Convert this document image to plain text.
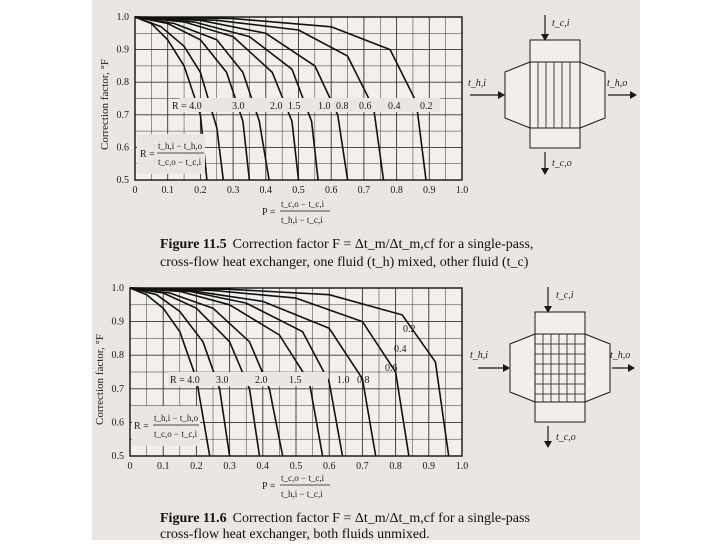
1.0
0.9
0.8
0.7
0.6
0.5
0 0.1 0.2 0.3 0.4 0.5 0.6 0.7 0.8 0.9 1.0
Correction factor, °F	R = 4.0	3.0	2.0 1.5 1.0 0.8 0.6 0.4 0.2
R =
t_h,i − t_h,o
t_c,o − t_c,i
P =
t_c,o − t_c,i
t_h,i − t_c,i
t_c,i
t_c,o
t_h,i	t_h,o
1.0
0.9
0.8
0.7
0.6
0.5
0 0.1 0.2 0.3 0.4 0.5 0.6 0.7 0.8 0.9 1.0
Correction factor, °F	R = 4.0 3.0	2.0 1.5	1.0 0.8
0.6
0.4
0.2
R =
t_h,i − t_h,o
t_c,o − t_c,i
P =
t_c,o − t_c,i
t_h,i − t_c,i
t_c,i
t_c,o
t_h,i	t_h,o
Figure 11.5 Correction factor F = Δt_m/Δt_m,cf for a single-pass,
cross-flow heat exchanger, one fluid (t_h) mixed, other fluid (t_c)
Figure 11.6 Correction factor F = Δt_m/Δt_m,cf for a single-pass
cross-flow heat exchanger, both fluids unmixed.
